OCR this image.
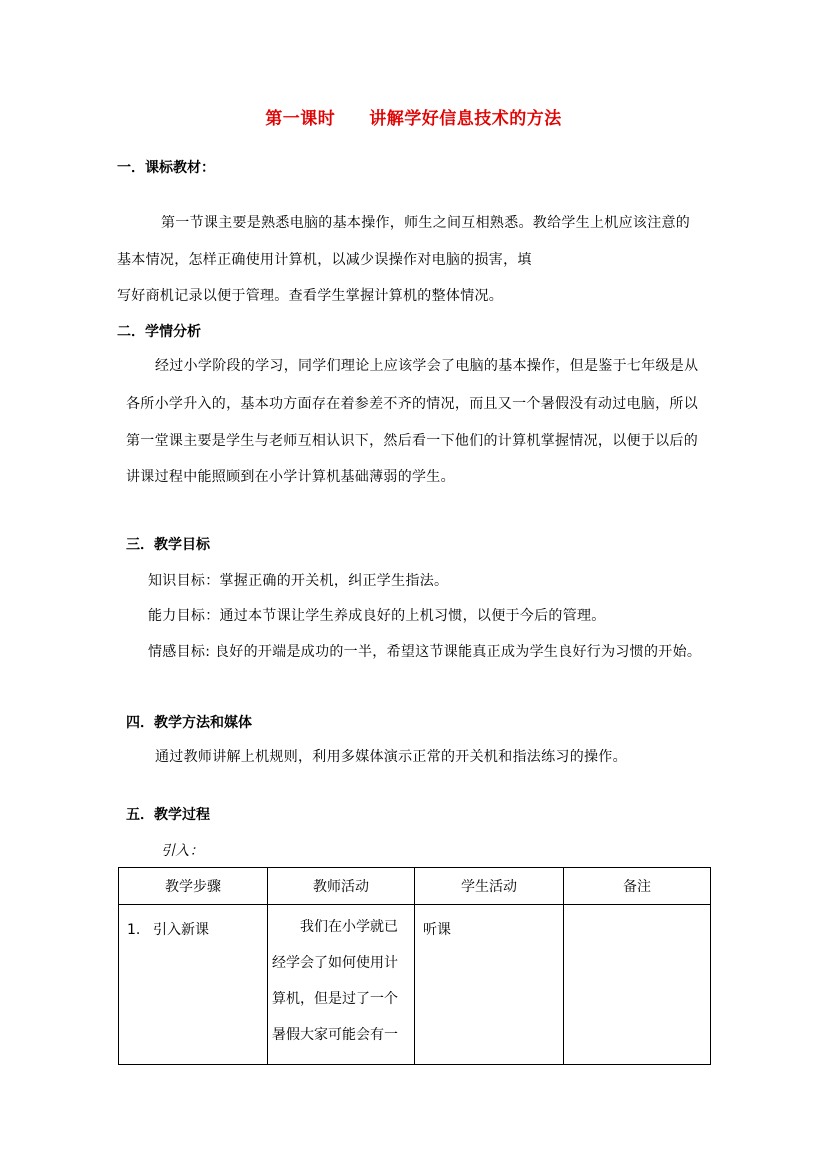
第一课时 讲解学好信息技术的方法
一．课标教材：
第一节课主要是熟悉电脑的基本操作，师生之间互相熟悉。教给学生上机应该注意的
基本情况，怎样正确使用计算机，以减少误操作对电脑的损害，填
写好商机记录以便于管理。查看学生掌握计算机的整体情况。
二．学情分析
经过小学阶段的学习，同学们理论上应该学会了电脑的基本操作，但是鉴于七年级是从
各所小学升入的，基本功方面存在着参差不齐的情况，而且又一个暑假没有动过电脑，所以
第一堂课主要是学生与老师互相认识下，然后看一下他们的计算机掌握情况，以便于以后的
讲课过程中能照顾到在小学计算机基础薄弱的学生。
三．教学目标
知识目标：掌握正确的开关机，纠正学生指法。
能力目标：通过本节课让学生养成良好的上机习惯，以便于今后的管理。
情感目标: 良好的开端是成功的一半，希望这节课能真正成为学生良好行为习惯的开始。
四．教学方法和媒体
通过教师讲解上机规则，利用多媒体演示正常的开关机和指法练习的操作。
五．教学过程
引入：
教学步骤	教师活动	学生活动	备注
1. 引入新课	我们在小学就已
经学会了如何使用计
算机，但是过了一个
暑假大家可能会有一	听课	
